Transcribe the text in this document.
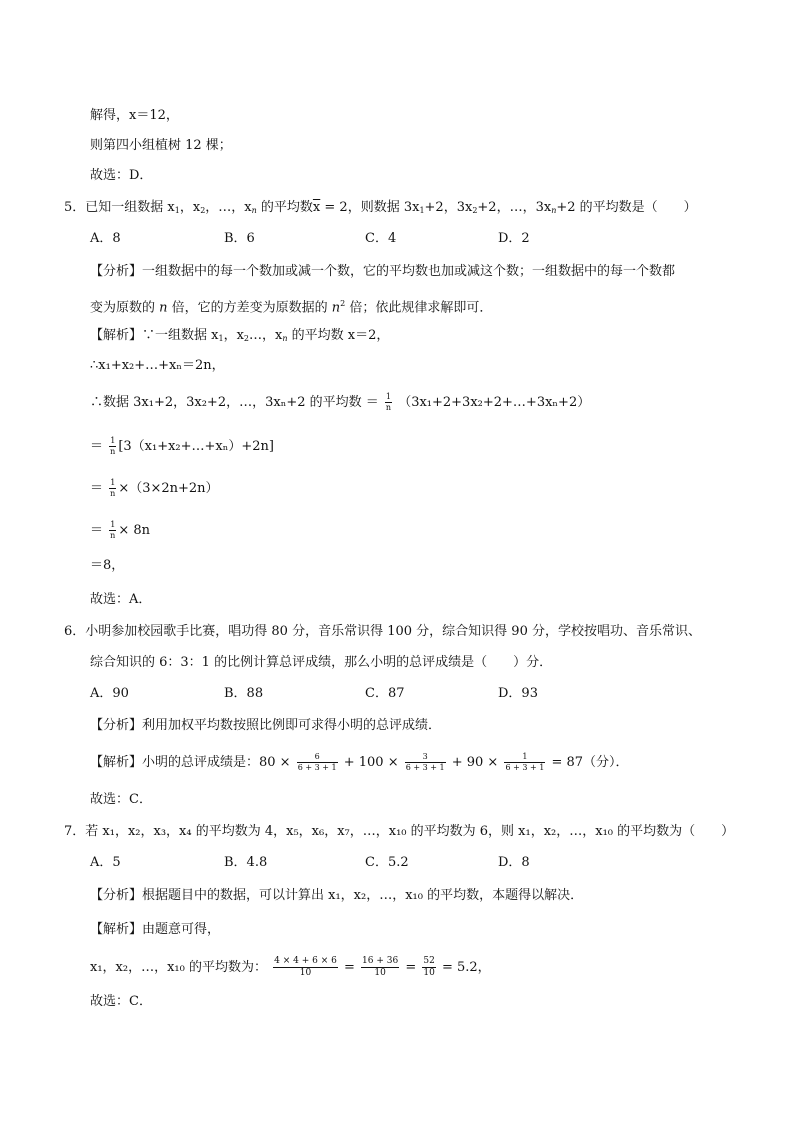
解得，x＝12，
则第四小组植树 12 棵；
故选：D．
5．已知一组数据 $x_1$，$x_2$，…，$x_n$ 的平均数$\overline{x} = 2$，则数据 $3x_1+2$，$3x_2+2$，…，$3x_n+2$ 的平均数是（　　）
A．8	B．6	C．4	D．2
【分析】一组数据中的每一个数加或减一个数，它的平均数也加或减这个数；一组数据中的每一个数都
变为原数的 n 倍，它的方差变为原数据的 $n^2$ 倍；依此规律求解即可．
【解析】∵一组数据 $x_1$，$x_2\dots$，$x_n$ 的平均数 x＝2，
∴x₁+x₂+…+xₙ＝2n，
∴数据 3x₁+2，3x₂+2，…，3xₙ+2 的平均数 ＝ $\frac{1}{n}$ （3x₁+2+3x₂+2+…+3xₙ+2）
＝ $\frac{1}{n}$ [3（x₁+x₂+…+xₙ）+2n]
＝ $\frac{1}{n} \times(3\times 2n+2n)$
＝ $\frac{1}{n} \times 8n$
＝8，
故选：A．
6．小明参加校园歌手比赛，唱功得 80 分，音乐常识得 100 分，综合知识得 90 分，学校按唱功、音乐常识、
综合知识的 6：3：1 的比例计算总评成绩，那么小明的总评成绩是（　　）分．
A．90	B．88	C．87	D．93
【分析】利用加权平均数按照比例即可求得小明的总评成绩．
【解析】小明的总评成绩是：$80 \times \frac{6}{6 + 3 + 1} + 100 \times \frac{3}{6 + 3 + 1} + 90 \times \frac{1}{6 + 3 + 1} = 87$（分）．
故选：C．
7．若 x₁，x₂，x₃，x₄ 的平均数为 4，x₅，x₆，x₇，…，x₁₀ 的平均数为 6，则 x₁，x₂，…，x₁₀ 的平均数为（　　）
A．5	B．4.8	C．5.2	D．8
【分析】根据题目中的数据，可以计算出 x₁，x₂，…，x₁₀ 的平均数，本题得以解决．
【解析】由题意可得，
x₁，x₂，…，x₁₀ 的平均数为： $\frac{4 \times 4 + 6 \times 6}{10} = \frac{16 + 36}{10} = \frac{52}{10} = 5.2$，
故选：C．
